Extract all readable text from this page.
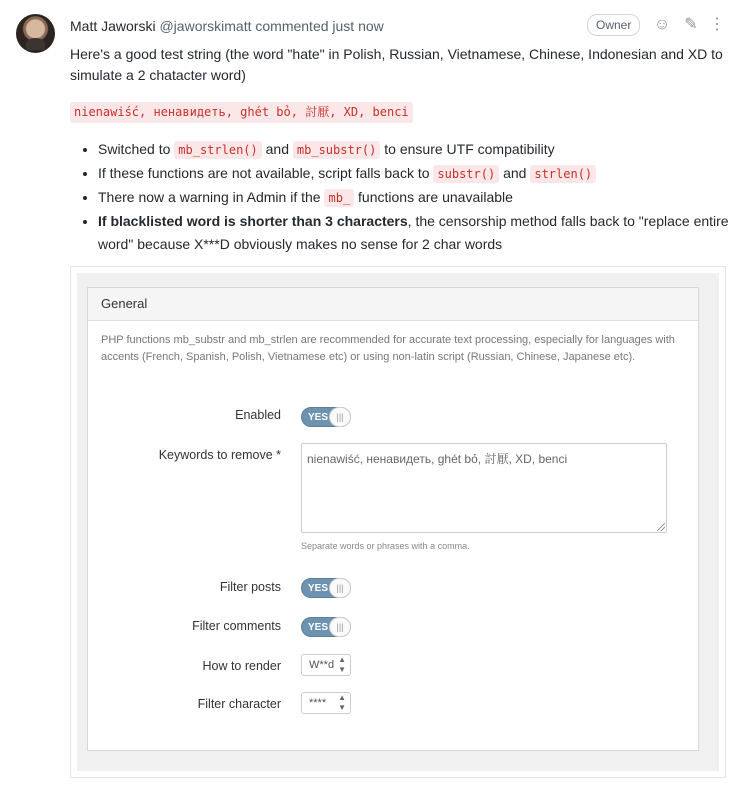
Matt Jaworski @jaworskimatt commented just now	Owner	☺ ✎ ⋮
Here's a good test string (the word "hate" in Polish, Russian, Vietnamese, Chinese, Indonesian and XD to simulate a 2 chatacter word)
nienawiść, ненавидеть, ghét bỏ, 討厭, XD, benci
• Switched to mb_strlen() and mb_substr() to ensure UTF compatibility
• If these functions are not available, script falls back to substr() and strlen()
• There now a warning in Admin if the mb_ functions are unavailable
• If blacklisted word is shorter than 3 characters, the censorship method falls back to "replace entire word" because X***D obviously makes no sense for 2 char words
General
PHP functions mb_substr and mb_strlen are recommended for accurate text processing, especially for languages with accents (French, Spanish, Polish, Vietnamese etc) or using non-latin script (Russian, Chinese, Japanese etc).
Enabled	YES |||
Keywords to remove *	nienawiść, ненавидеть, ghét bỏ, 討厭, XD, benci
Separate words or phrases with a comma.
Filter posts	YES |||
Filter comments	YES |||
How to render	W**d ▲
▼
Filter character	**** ▲
▼
